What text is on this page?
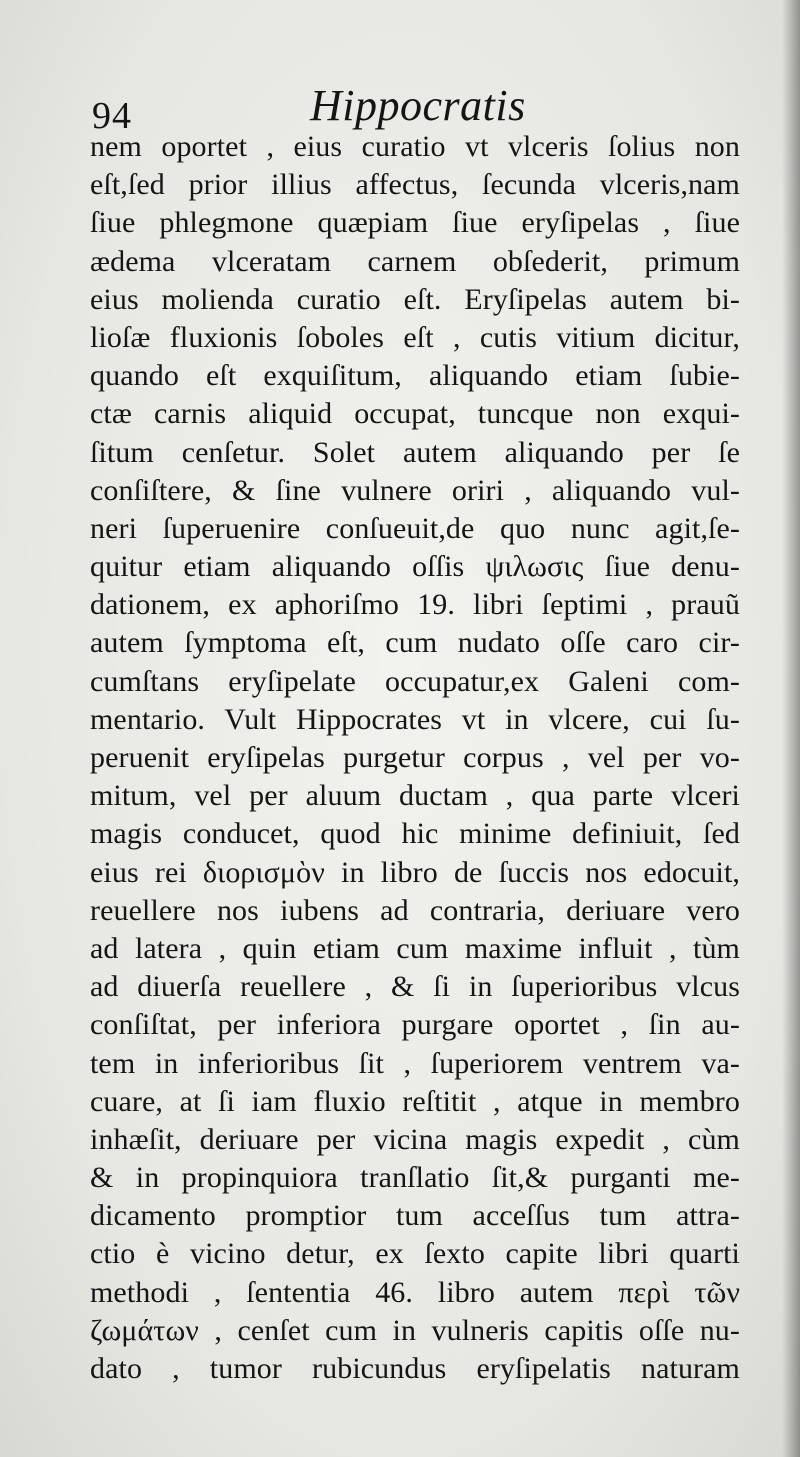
94	Hippocratis
nem oportet , eius curatio vt vlceris ſolius non
eſt,ſed prior illius affectus, ſecunda vlceris,nam
ſiue phlegmone quæpiam ſiue eryſipelas , ſiue
ædema vlceratam carnem obſederit, primum
eius molienda curatio eſt. Eryſipelas autem bi-
lioſæ fluxionis ſoboles eſt , cutis vitium dicitur,
quando eſt exquiſitum, aliquando etiam ſubie-
ctæ carnis aliquid occupat, tuncque non exqui-
ſitum cenſetur. Solet autem aliquando per ſe
conſiſtere, & ſine vulnere oriri , aliquando vul-
neri ſuperuenire conſueuit,de quo nunc agit,ſe-
quitur etiam aliquando oſſis ψιλωσις ſiue denu-
dationem, ex aphoriſmo 19. libri ſeptimi , prauũ
autem ſymptoma eſt, cum nudato oſſe caro cir-
cumſtans eryſipelate occupatur,ex Galeni com-
mentario. Vult Hippocrates vt in vlcere, cui ſu-
peruenit eryſipelas purgetur corpus , vel per vo-
mitum, vel per aluum ductam , qua parte vlceri
magis conducet, quod hic minime definiuit, ſed
eius rei διορισμὸν in libro de ſuccis nos edocuit,
reuellere nos iubens ad contraria, deriuare vero
ad latera , quin etiam cum maxime influit , tùm
ad diuerſa reuellere , & ſi in ſuperioribus vlcus
conſiſtat, per inferiora purgare oportet , ſin au-
tem in inferioribus ſit , ſuperiorem ventrem va-
cuare, at ſi iam fluxio reſtitit , atque in membro
inhæſit, deriuare per vicina magis expedit , cùm
& in propinquiora tranſlatio ſit,& purganti me-
dicamento promptior tum acceſſus tum attra-
ctio è vicino detur, ex ſexto capite libri quarti
methodi , ſententia 46. libro autem περὶ τῶν
ζωμάτων , cenſet cum in vulneris capitis oſſe nu-
dato , tumor rubicundus eryſipelatis naturam
